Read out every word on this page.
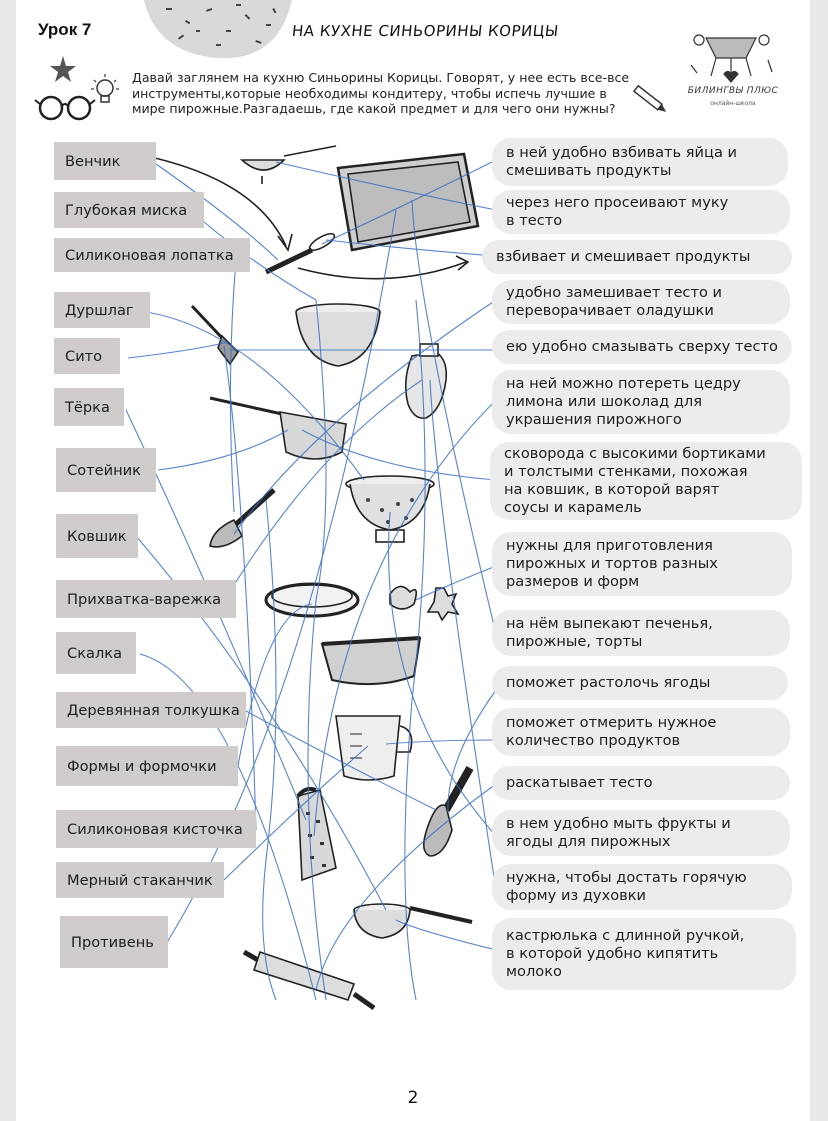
Урок 7	НА КУХНЕ СИНЬОРИНЫ КОРИЦЫ
Давай заглянем на кухню Синьорины Корицы. Говорят, у нее есть все-все инструменты,которые необходимы кондитеру, чтобы испечь лучшие в мире пирожные.Разгадаешь, где какой предмет и для чего они нужны?
БИЛИНГВЫ ПЛЮС
онлайн-школа
Венчик
Глубокая миска
Силиконовая лопатка
Дуршлаг
Сито
Тёрка
Сотейник
Ковшик
Прихватка-варежка
Скалка
Деревянная толкушка
Формы и формочки
Силиконовая кисточка
Мерный стаканчик
Противень
в ней удобно взбивать яйца и
смешивать продукты
через него просеивают муку
в тесто
взбивает и смешивает продукты
удобно замешивает тесто и
переворачивает оладушки
ею удобно смазывать сверху тесто
на ней можно потереть цедру
лимона или шоколад для
украшения пирожного
сковорода с высокими бортиками
и толстыми стенками, похожая
на ковшик, в которой варят
соусы и карамель
нужны для приготовления
пирожных и тортов разных
размеров и форм
на нём выпекают печенья,
пирожные, торты
поможет растолочь ягоды
поможет отмерить нужное
количество продуктов
раскатывает тесто
в нем удобно мыть фрукты и
ягоды для пирожных
нужна, чтобы достать горячую
форму из духовки
кастрюлька с длинной ручкой,
в которой удобно кипятить
молоко
2
